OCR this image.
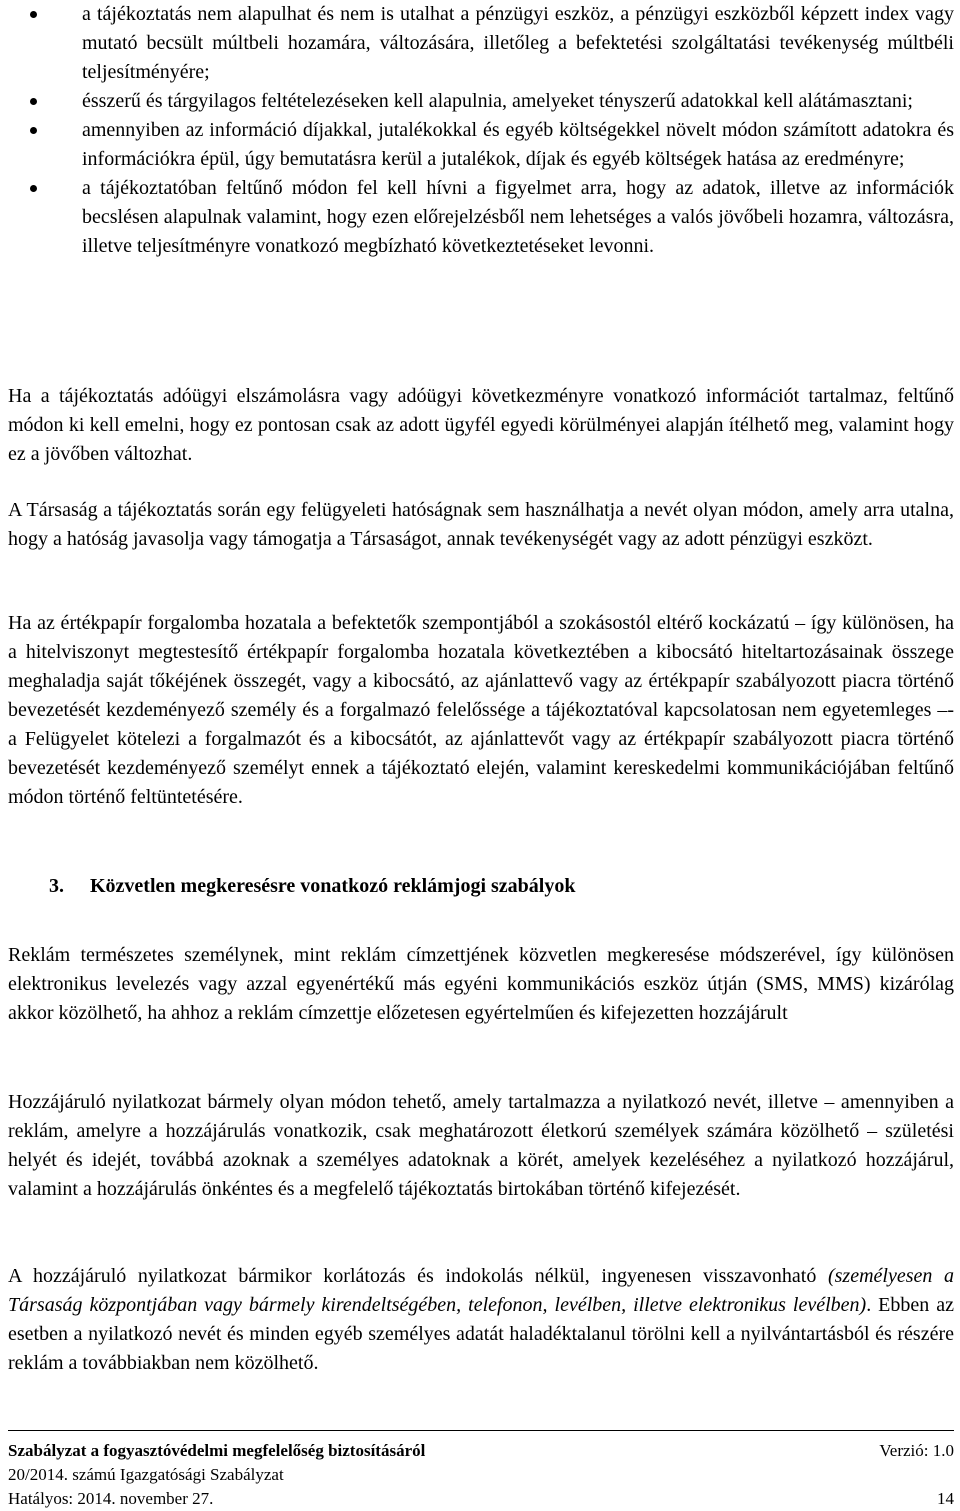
a tájékoztatás nem alapulhat és nem is utalhat a pénzügyi eszköz, a pénzügyi eszközből képzett index vagy mutató becsült múltbeli hozamára, változására, illetőleg a befektetési szolgáltatási tevékenység múltbéli teljesítményére;
ésszerű és tárgyilagos feltételezéseken kell alapulnia, amelyeket tényszerű adatokkal kell alátámasztani;
amennyiben az információ díjakkal, jutalékokkal és egyéb költségekkel növelt módon számított adatokra és információkra épül, úgy bemutatásra kerül a jutalékok, díjak és egyéb költségek hatása az eredményre;
a tájékoztatóban feltűnő módon fel kell hívni a figyelmet arra, hogy az adatok, illetve az információk becslésen alapulnak valamint, hogy ezen előrejelzésből nem lehetséges a valós jövőbeli hozamra, változásra, illetve teljesítményre vonatkozó megbízható következtetéseket levonni.

Ha a tájékoztatás adóügyi elszámolásra vagy adóügyi következményre vonatkozó információt tartalmaz, feltűnő módon ki kell emelni, hogy ez pontosan csak az adott ügyfél egyedi körülményei alapján ítélhető meg, valamint hogy ez a jövőben változhat.

A Társaság a tájékoztatás során egy felügyeleti hatóságnak sem használhatja a nevét olyan módon, amely arra utalna, hogy a hatóság javasolja vagy támogatja a Társaságot, annak tevékenységét vagy az adott pénzügyi eszközt.

Ha az értékpapír forgalomba hozatala a befektetők szempontjából a szokásostól eltérő kockázatú – így különösen, ha a hitelviszonyt megtestesítő értékpapír forgalomba hozatala következtében a kibocsátó hiteltartozásainak összege meghaladja saját tőkéjének összegét, vagy a kibocsátó, az ajánlattevő vagy az értékpapír szabályozott piacra történő bevezetését kezdeményező személy és a forgalmazó felelőssége a tájékoztatóval kapcsolatosan nem egyetemleges –- a Felügyelet kötelezi a forgalmazót és a kibocsátót, az ajánlattevőt vagy az értékpapír szabályozott piacra történő bevezetését kezdeményező személyt ennek a tájékoztató elején, valamint kereskedelmi kommunikációjában feltűnő módon történő feltüntetésére.

3. Közvetlen megkeresésre vonatkozó reklámjogi szabályok

Reklám természetes személynek, mint reklám címzettjének közvetlen megkeresése módszerével, így különösen elektronikus levelezés vagy azzal egyenértékű más egyéni kommunikációs eszköz útján (SMS, MMS) kizárólag akkor közölhető, ha ahhoz a reklám címzettje előzetesen egyértelműen és kifejezetten hozzájárult

Hozzájáruló nyilatkozat bármely olyan módon tehető, amely tartalmazza a nyilatkozó nevét, illetve – amennyiben a reklám, amelyre a hozzájárulás vonatkozik, csak meghatározott életkorú személyek számára közölhető – születési helyét és idejét, továbbá azoknak a személyes adatoknak a körét, amelyek kezeléséhez a nyilatkozó hozzájárul, valamint a hozzájárulás önkéntes és a megfelelő tájékoztatás birtokában történő kifejezését.

A hozzájáruló nyilatkozat bármikor korlátozás és indokolás nélkül, ingyenesen visszavonható (személyesen a Társaság központjában vagy bármely kirendeltségében, telefonon, levélben, illetve elektronikus levélben). Ebben az esetben a nyilatkozó nevét és minden egyéb személyes adatát haladéktalanul törölni kell a nyilvántartásból és részére reklám a továbbiakban nem közölhető.

Szabályzat a fogyasztóvédelmi megfelelőség biztosításáról	Verzió: 1.0
20/2014. számú Igazgatósági Szabályzat
Hatályos: 2014. november 27.	14
